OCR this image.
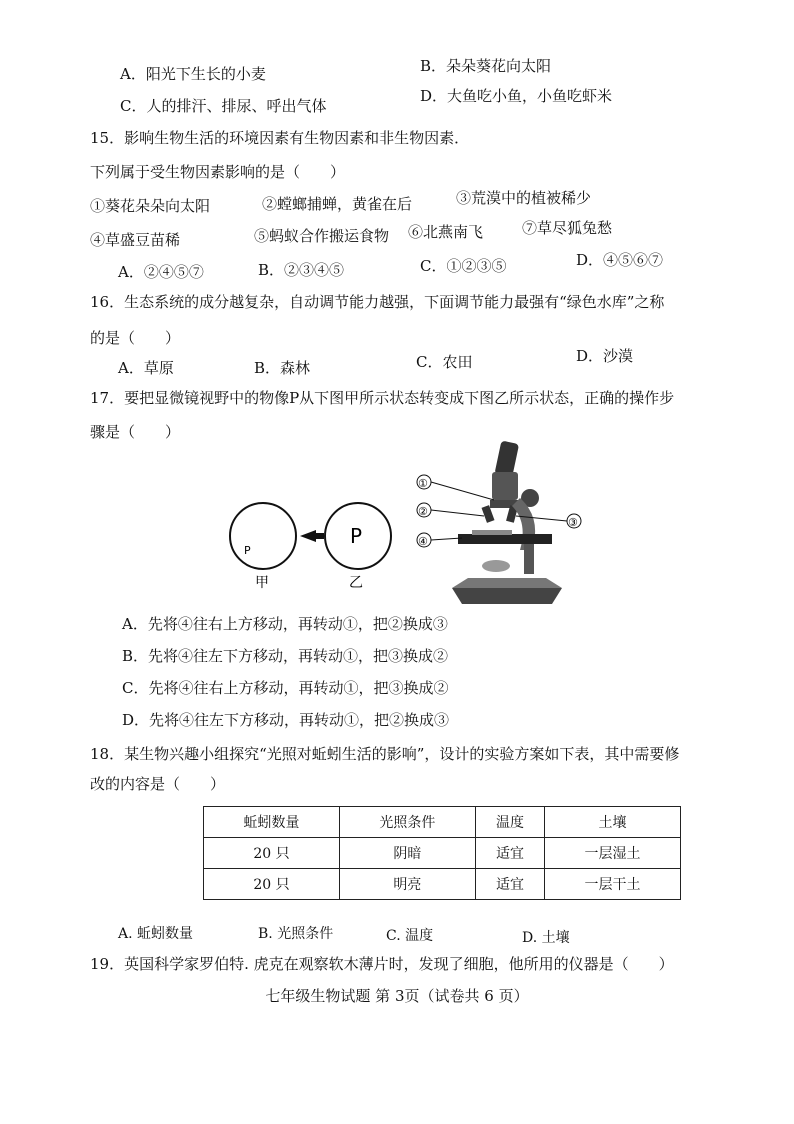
A．阳光下生长的小麦	B．朵朵葵花向太阳
C．人的排汗、排尿、呼出气体
D．大鱼吃小鱼，小鱼吃虾米
15．影响生物生活的环境因素有生物因素和非生物因素．
下列属于受生物因素影响的是（　　）
①葵花朵朵向太阳	②螳螂捕蝉，黄雀在后	③荒漠中的植被稀少
④草盛豆苗稀	⑤蚂蚁合作搬运食物 ⑥北燕南飞	⑦草尽狐兔愁
A．②④⑤⑦	B．②③④⑤	C．①②③⑤	D．④⑤⑥⑦
16．生态系统的成分越复杂，自动调节能力越强，下面调节能力最强有“绿色水库”之称
的是（　　）
A．草原	B．森林	C．农田	D．沙漠
17．要把显微镜视野中的物像P从下图甲所示状态转变成下图乙所示状态，正确的操作步
骤是（　　）
P
P
甲	乙
①
②
③
④
A．先将④往右上方移动，再转动①，把②换成③
B．先将④往左下方移动，再转动①，把③换成②
C．先将④往右上方移动，再转动①，把③换成②
D．先将④往左下方移动，再转动①，把②换成③
18．某生物兴趣小组探究“光照对蚯蚓生活的影响”，设计的实验方案如下表，其中需要修
改的内容是（　　）
蚯蚓数量	光照条件	温度	土壤
20 只	阴暗	适宜	一层湿土
20 只	明亮	适宜	一层干土
A. 蚯蚓数量	B. 光照条件	C. 温度	D. 土壤
19．英国科学家罗伯特. 虎克在观察软木薄片时，发现了细胞，他所用的仪器是（　　）
七年级生物试题 第 3页（试卷共 6 页）
